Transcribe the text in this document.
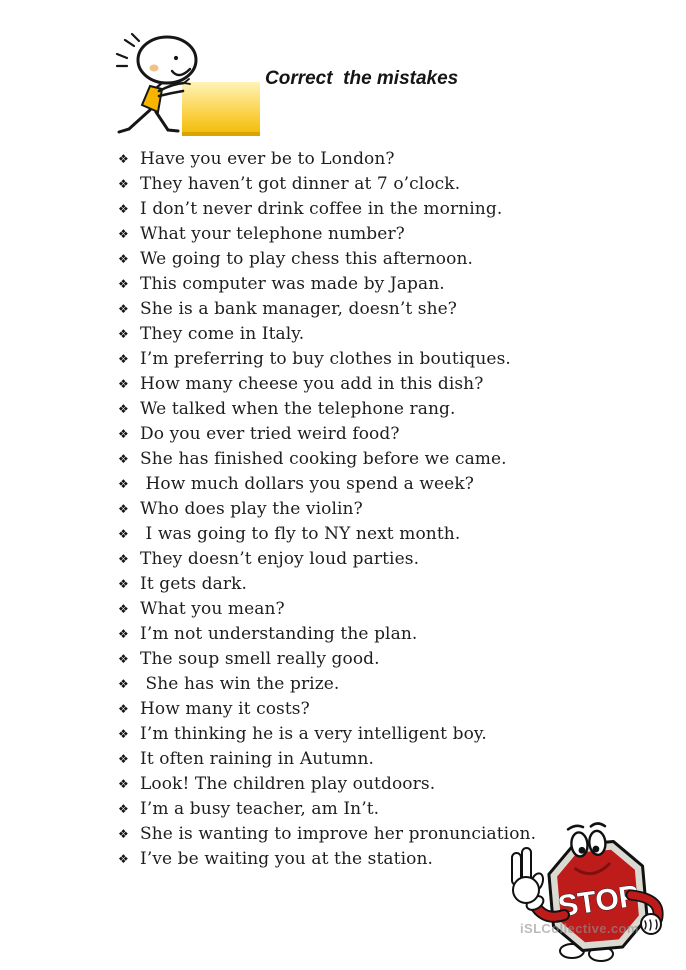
Correct  the mistakes
❖ Have you ever be to London?
❖ They haven’t got dinner at 7 o’clock.
❖ I don’t never drink coffee in the morning.
❖ What your telephone number?
❖ We going to play chess this afternoon.
❖ This computer was made by Japan.
❖ She is a bank manager, doesn’t she?
❖ They come in Italy.
❖ I’m preferring to buy clothes in boutiques.
❖ How many cheese you add in this dish?
❖ We talked when the telephone rang.
❖ Do you ever tried weird food?
❖ She has finished cooking before we came.
❖ How much dollars you spend a week?
❖ Who does play the violin?
❖ I was going to fly to NY next month.
❖ They doesn’t enjoy loud parties.
❖ It gets dark.
❖ What you mean?
❖ I’m not understanding the plan.
❖ The soup smell really good.
❖ She has win the prize.
❖ How many it costs?
❖ I’m thinking he is a very intelligent boy.
❖ It often raining in Autumn.
❖ Look! The children play outdoors.
❖ I’m a busy teacher, am In’t.
❖ She is wanting to improve her pronunciation.
❖ I’ve be waiting you at the station.
STOP
iSLCollective.com
